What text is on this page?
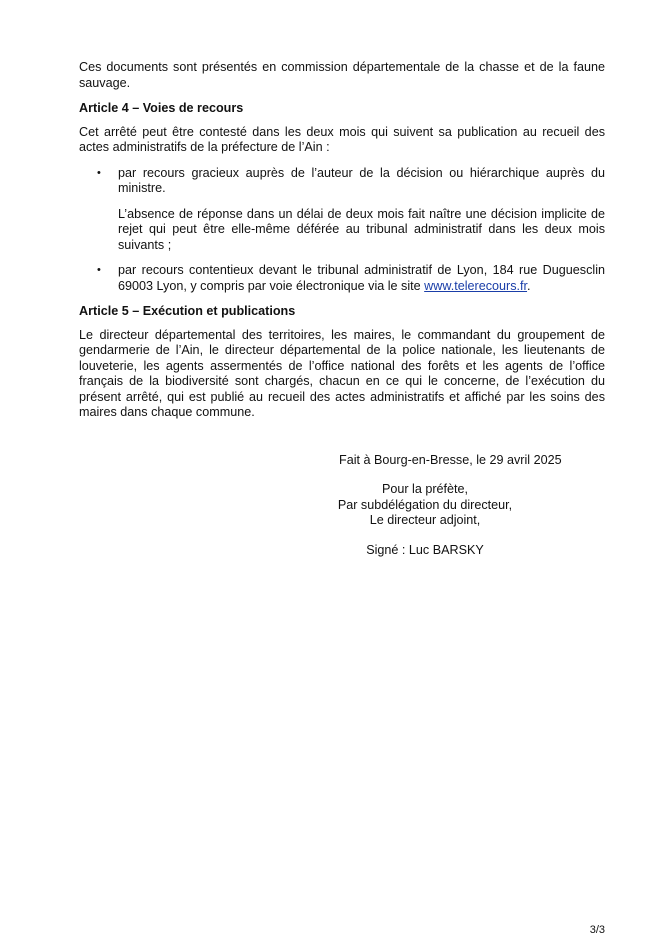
Ces documents sont présentés en commission départementale de la chasse et de la faune sauvage.

Article 4 – Voies de recours

Cet arrêté peut être contesté dans les deux mois qui suivent sa publication au recueil des actes administratifs de la préfecture de l’Ain :

• par recours gracieux auprès de l’auteur de la décision ou hiérarchique auprès du ministre.

L’absence de réponse dans un délai de deux mois fait naître une décision implicite de rejet qui peut être elle-même déférée au tribunal administratif dans les deux mois suivants ;

• par recours contentieux devant le tribunal administratif de Lyon, 184 rue Duguesclin 69003 Lyon, y compris par voie électronique via le site www.telerecours.fr.

Article 5 – Exécution et publications

Le directeur départemental des territoires, les maires, le commandant du groupement de gendarmerie de l’Ain, le directeur départemental de la police nationale, les lieutenants de louveterie, les agents assermentés de l’office national des forêts et les agents de l’office français de la biodiversité sont chargés, chacun en ce qui le concerne, de l’exécution du présent arrêté, qui est publié au recueil des actes administratifs et affiché par les soins des maires dans chaque commune.

Fait à Bourg-en-Bresse, le 29 avril 2025
Pour la préfète,
Par subdélégation du directeur,
Le directeur adjoint,
Signé : Luc BARSKY
3/3
